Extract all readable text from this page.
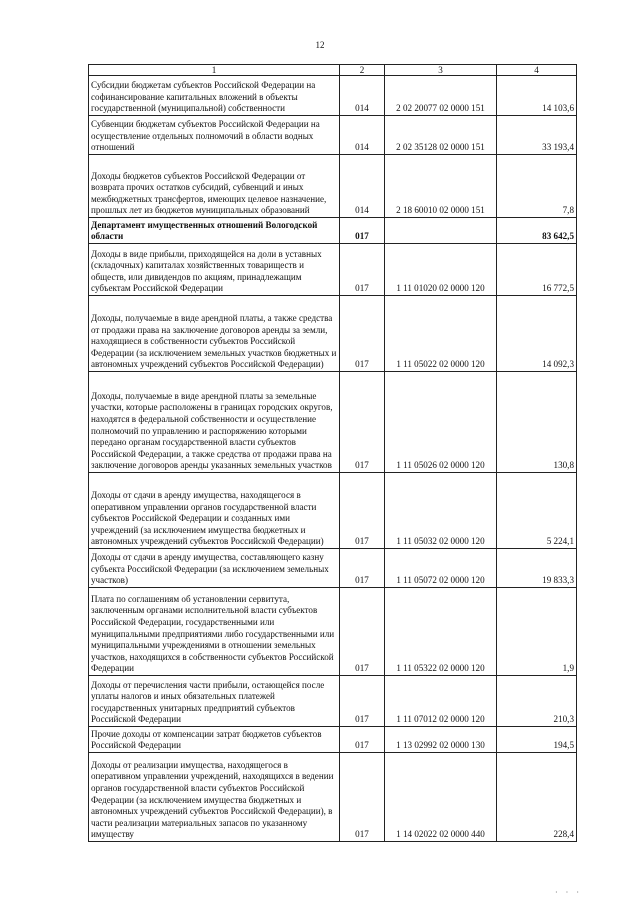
12
1	2	3	4
Субсидии бюджетам субъектов Российской Федерации на софинансирование капитальных вложений в объекты государственной (муниципальной) собственности	014	2 02 20077 02 0000 151	14 103,6
Субвенции бюджетам субъектов Российской Федерации на осуществление отдельных полномочий в области водных отношений	014	2 02 35128 02 0000 151	33 193,4
Доходы бюджетов субъектов Российской Федерации от возврата прочих остатков субсидий, субвенций и иных межбюджетных трансфертов, имеющих целевое назначение, прошлых лет из бюджетов муниципальных образований	014	2 18 60010 02 0000 151	7,8
Департамент имущественных отношений Вологодской области	017		83 642,5
Доходы в виде прибыли, приходящейся на доли в уставных (складочных) капиталах хозяйственных товариществ и обществ, или дивидендов по акциям, принадлежащим субъектам Российской Федерации	017	1 11 01020 02 0000 120	16 772,5
Доходы, получаемые в виде арендной платы, а также средства от продажи права на заключение договоров аренды за земли, находящиеся в собственности субъектов Российской Федерации (за исключением земельных участков бюджетных и автономных учреждений субъектов Российской Федерации)	017	1 11 05022 02 0000 120	14 092,3
Доходы, получаемые в виде арендной платы за земельные участки, которые расположены в границах городских округов, находятся в федеральной собственности и осуществление полномочий по управлению и распоряжению которыми передано органам государственной власти субъектов Российской Федерации, а также средства от продажи права на заключение договоров аренды указанных земельных участков	017	1 11 05026 02 0000 120	130,8
Доходы от сдачи в аренду имущества, находящегося в оперативном управлении органов государственной власти субъектов Российской Федерации и созданных ими учреждений (за исключением имущества бюджетных и автономных учреждений субъектов Российской Федерации)	017	1 11 05032 02 0000 120	5 224,1
Доходы от сдачи в аренду имущества, составляющего казну субъекта Российской Федерации (за исключением земельных участков)	017	1 11 05072 02 0000 120	19 833,3
Плата по соглашениям об установлении сервитута, заключенным органами исполнительной власти субъектов Российской Федерации, государственными или муниципальными предприятиями либо государственными или муниципальными учреждениями в отношении земельных участков, находящихся в собственности субъектов Российской Федерации	017	1 11 05322 02 0000 120	1,9
Доходы от перечисления части прибыли, остающейся после уплаты налогов и иных обязательных платежей государственных унитарных предприятий субъектов Российской Федерации	017	1 11 07012 02 0000 120	210,3
Прочие доходы от компенсации затрат бюджетов субъектов Российской Федерации	017	1 13 02992 02 0000 130	194,5
Доходы от реализации имущества, находящегося в оперативном управлении учреждений, находящихся в ведении органов государственной власти субъектов Российской Федерации (за исключением имущества бюджетных и автономных учреждений субъектов Российской Федерации), в части реализации материальных запасов по указанному имуществу	017	1 14 02022 02 0000 440	228,4
· · ·
